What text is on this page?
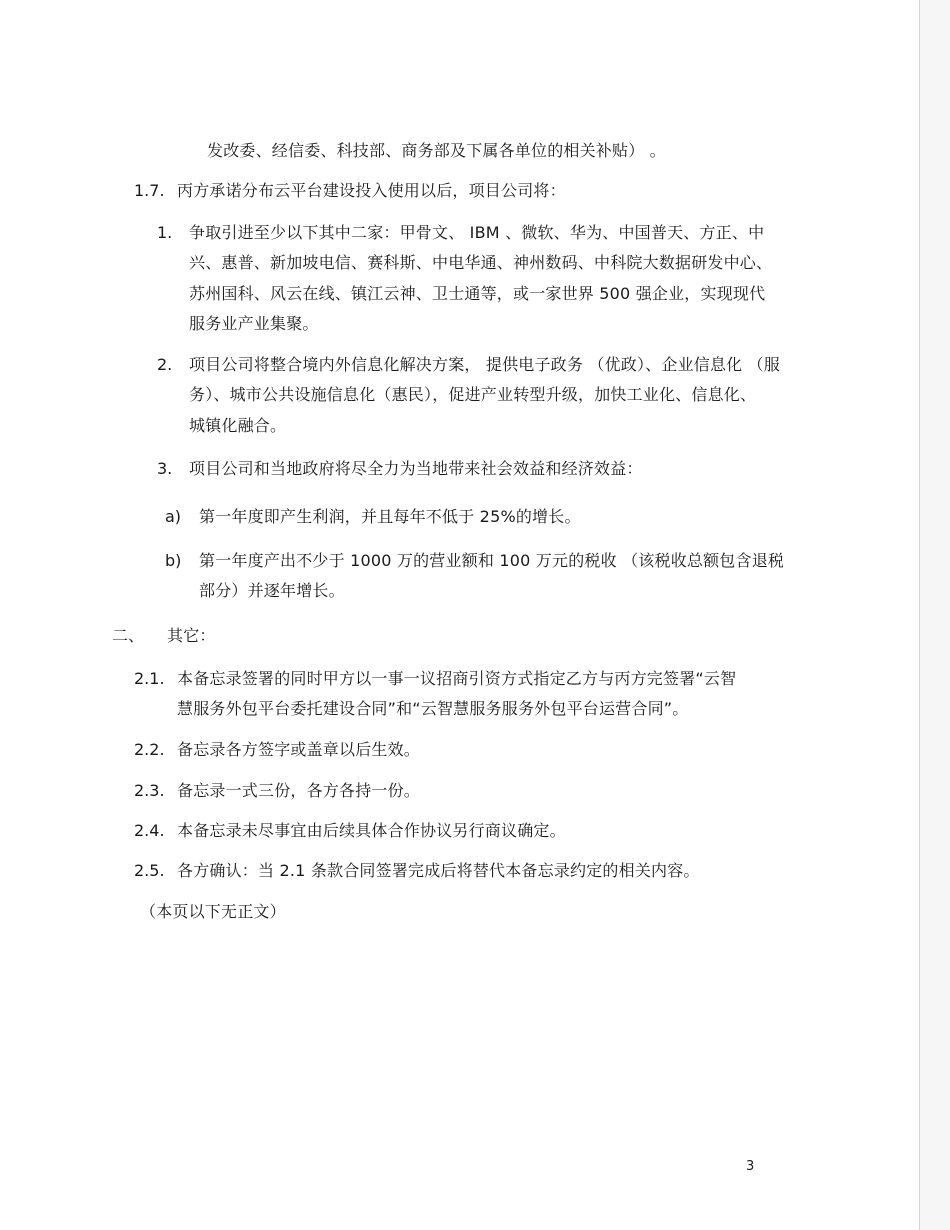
发改委、经信委、科技部、商务部及下属各单位的相关补贴） 。
1.7. 丙方承诺分布云平台建设投入使用以后，项目公司将：
1. 争取引进至少以下其中二家：甲骨文、 IBM 、微软、华为、中国普天、方正、中
兴、惠普、新加坡电信、赛科斯、中电华通、神州数码、中科院大数据研发中心、
苏州国科、风云在线、镇江云神、卫士通等，或一家世界 500 强企业，实现现代
服务业产业集聚。
2. 项目公司将整合境内外信息化解决方案， 提供电子政务 （优政）、企业信息化 （服
务）、城市公共设施信息化（惠民），促进产业转型升级，加快工业化、信息化、
城镇化融合。
3. 项目公司和当地政府将尽全力为当地带来社会效益和经济效益：
a) 第一年度即产生利润，并且每年不低于 25%的增长。
b) 第一年度产出不少于 1000 万的营业额和 100 万元的税收 （该税收总额包含退税
部分）并逐年增长。
二、 其它：
2.1. 本备忘录签署的同时甲方以一事一议招商引资方式指定乙方与丙方完签署“云智
慧服务外包平台委托建设合同”和“云智慧服务服务外包平台运营合同”。
2.2. 备忘录各方签字或盖章以后生效。
2.3. 备忘录一式三份，各方各持一份。
2.4. 本备忘录未尽事宜由后续具体合作协议另行商议确定。
2.5. 各方确认：当 2.1 条款合同签署完成后将替代本备忘录约定的相关内容。
（本页以下无正文）
3
